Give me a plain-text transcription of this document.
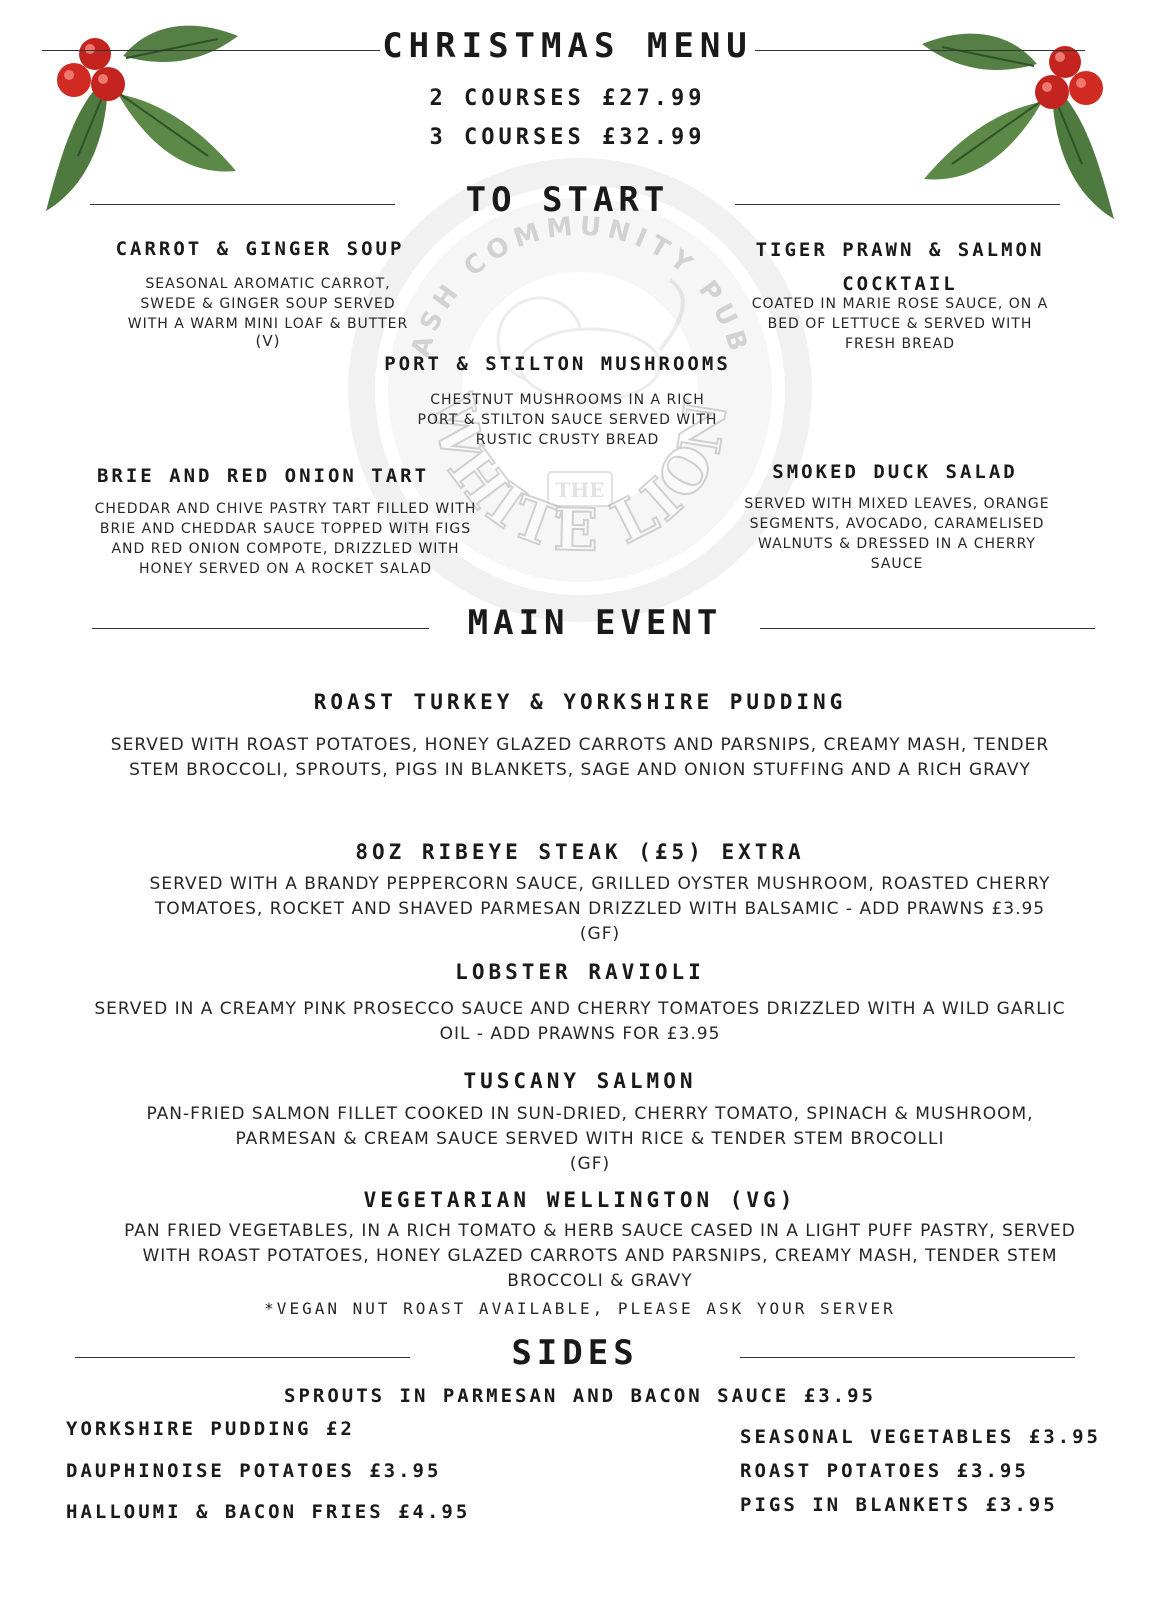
ASH COMMUNITY PUB
THE
WHITE LION
CHRISTMAS MENU
2 COURSES £27.99
3 COURSES £32.99
TO START
CARROT & GINGER SOUP
SEASONAL AROMATIC CARROT, SWEDE & GINGER SOUP SERVED WITH A WARM MINI LOAF & BUTTER
(V)
TIGER PRAWN & SALMON COCKTAIL
COATED IN MARIE ROSE SAUCE, ON A BED OF LETTUCE & SERVED WITH FRESH BREAD
PORT & STILTON MUSHROOMS
CHESTNUT MUSHROOMS IN A RICH PORT & STILTON SAUCE SERVED WITH RUSTIC CRUSTY BREAD
BRIE AND RED ONION TART
CHEDDAR AND CHIVE PASTRY TART FILLED WITH BRIE AND CHEDDAR SAUCE TOPPED WITH FIGS AND RED ONION COMPOTE, DRIZZLED WITH HONEY SERVED ON A ROCKET SALAD
SMOKED DUCK SALAD
SERVED WITH MIXED LEAVES, ORANGE SEGMENTS, AVOCADO, CARAMELISED WALNUTS & DRESSED IN A CHERRY SAUCE
MAIN EVENT
ROAST TURKEY & YORKSHIRE PUDDING
SERVED WITH ROAST POTATOES, HONEY GLAZED CARROTS AND PARSNIPS, CREAMY MASH, TENDER STEM BROCCOLI, SPROUTS, PIGS IN BLANKETS, SAGE AND ONION STUFFING AND A RICH GRAVY
8OZ RIBEYE STEAK (£5) EXTRA
SERVED WITH A BRANDY PEPPERCORN SAUCE, GRILLED OYSTER MUSHROOM, ROASTED CHERRY TOMATOES, ROCKET AND SHAVED PARMESAN DRIZZLED WITH BALSAMIC - ADD PRAWNS £3.95
(GF)
LOBSTER RAVIOLI
SERVED IN A CREAMY PINK PROSECCO SAUCE AND CHERRY TOMATOES DRIZZLED WITH A WILD GARLIC OIL - ADD PRAWNS FOR £3.95
TUSCANY SALMON
PAN-FRIED SALMON FILLET COOKED IN SUN-DRIED, CHERRY TOMATO, SPINACH & MUSHROOM, PARMESAN & CREAM SAUCE SERVED WITH RICE & TENDER STEM BROCOLLI
(GF)
VEGETARIAN WELLINGTON (VG)
PAN FRIED VEGETABLES, IN A RICH TOMATO & HERB SAUCE CASED IN A LIGHT PUFF PASTRY, SERVED WITH ROAST POTATOES, HONEY GLAZED CARROTS AND PARSNIPS, CREAMY MASH, TENDER STEM BROCCOLI & GRAVY
*VEGAN NUT ROAST AVAILABLE, PLEASE ASK YOUR SERVER
SIDES
SPROUTS IN PARMESAN AND BACON SAUCE £3.95
YORKSHIRE PUDDING £2
DAUPHINOISE POTATOES £3.95
HALLOUMI & BACON FRIES £4.95
SEASONAL VEGETABLES £3.95
ROAST POTATOES £3.95
PIGS IN BLANKETS £3.95
